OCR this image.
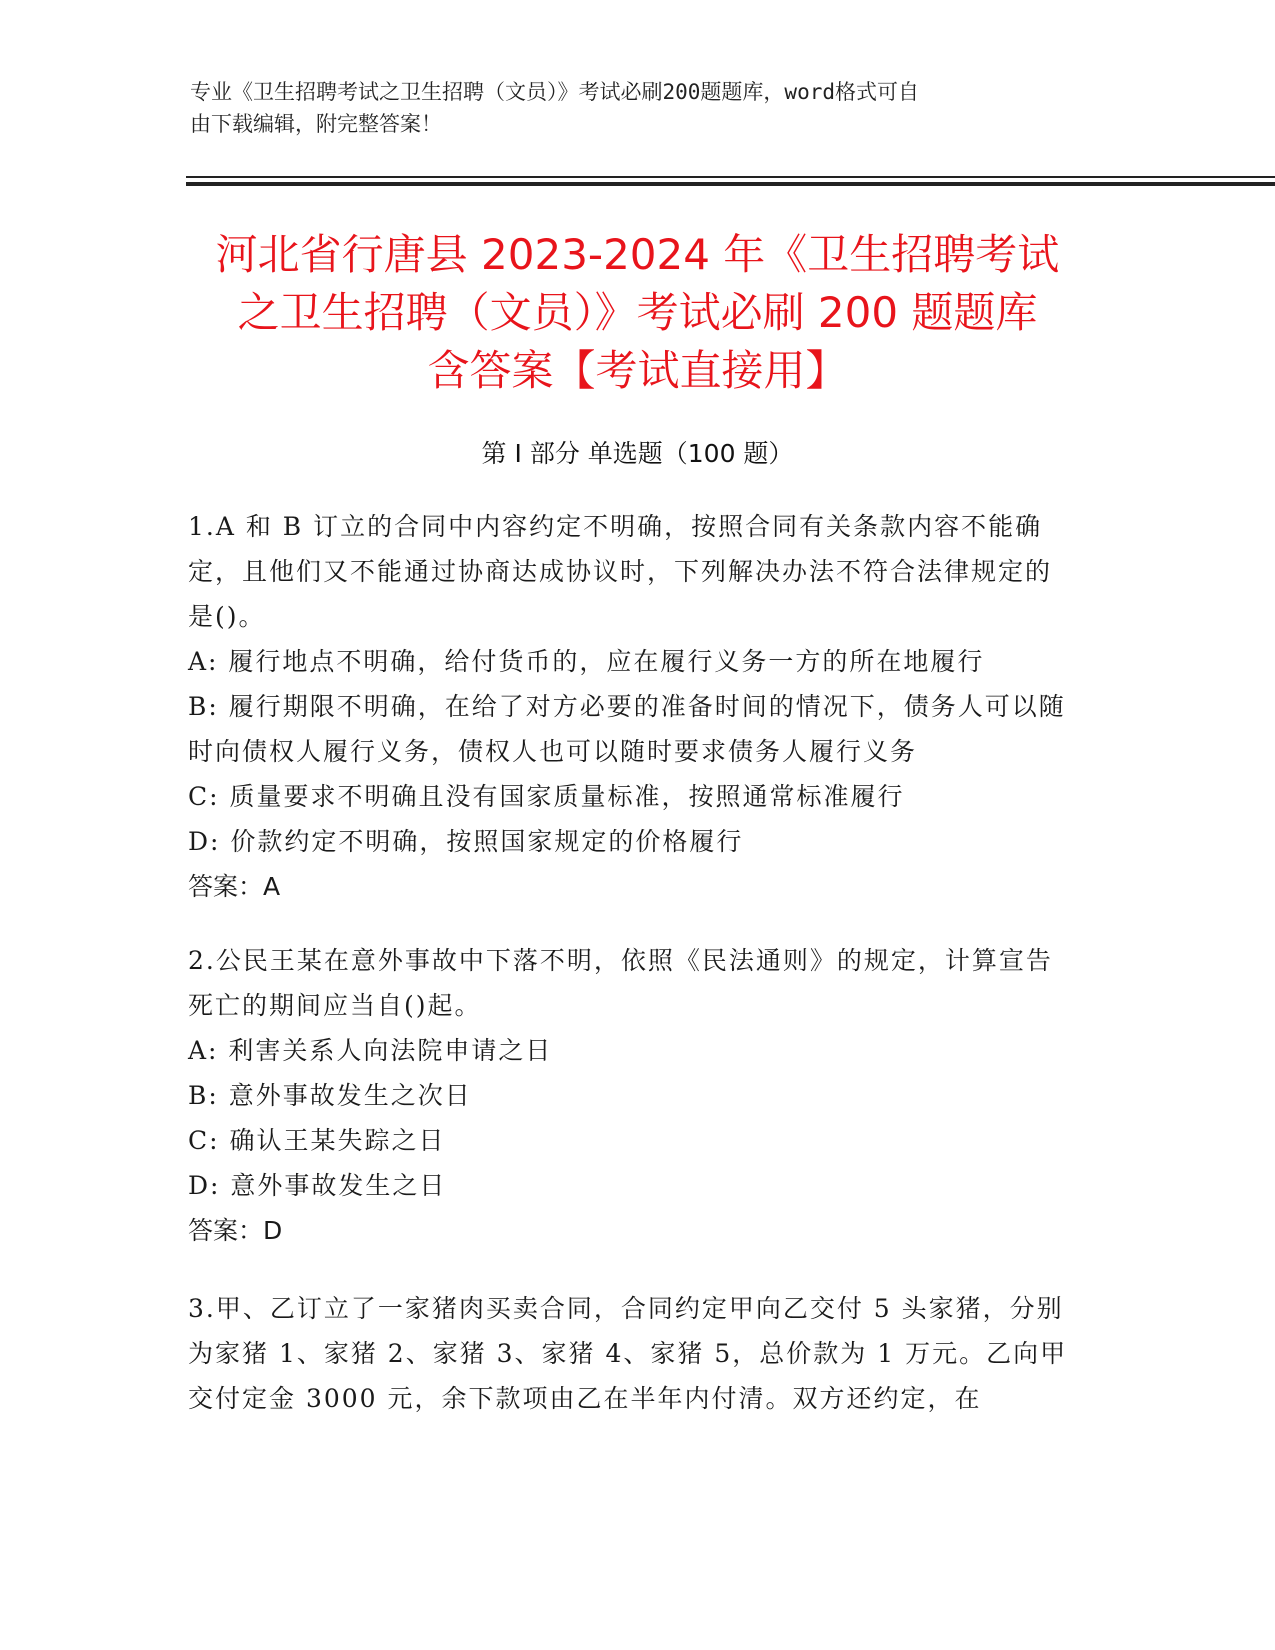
专业《卫生招聘考试之卫生招聘（文员）》考试必刷200题题库，word格式可自
由下载编辑，附完整答案！
河北省行唐县 2023-2024 年《卫生招聘考试
之卫生招聘（文员）》考试必刷 200 题题库
含答案【考试直接用】
第 I 部分 单选题（100 题）

1.A 和 B 订立的合同中内容约定不明确，按照合同有关条款内容不能确定，且他们又不能通过协商达成协议时，下列解决办法不符合法律规定的是()。

A: 履行地点不明确，给付货币的，应在履行义务一方的所在地履行

B: 履行期限不明确，在给了对方必要的准备时间的情况下，债务人可以随时向债权人履行义务，债权人也可以随时要求债务人履行义务

C: 质量要求不明确且没有国家质量标准，按照通常标准履行

D: 价款约定不明确，按照国家规定的价格履行

答案：A

2.公民王某在意外事故中下落不明，依照《民法通则》的规定，计算宣告死亡的期间应当自()起。

A: 利害关系人向法院申请之日

B: 意外事故发生之次日

C: 确认王某失踪之日

D: 意外事故发生之日

答案：D

3.甲、乙订立了一家猪肉买卖合同，合同约定甲向乙交付 5 头家猪，分别为家猪 1、家猪 2、家猪 3、家猪 4、家猪 5，总价款为 1 万元。乙向甲交付定金 3000 元，余下款项由乙在半年内付清。双方还约定，在
